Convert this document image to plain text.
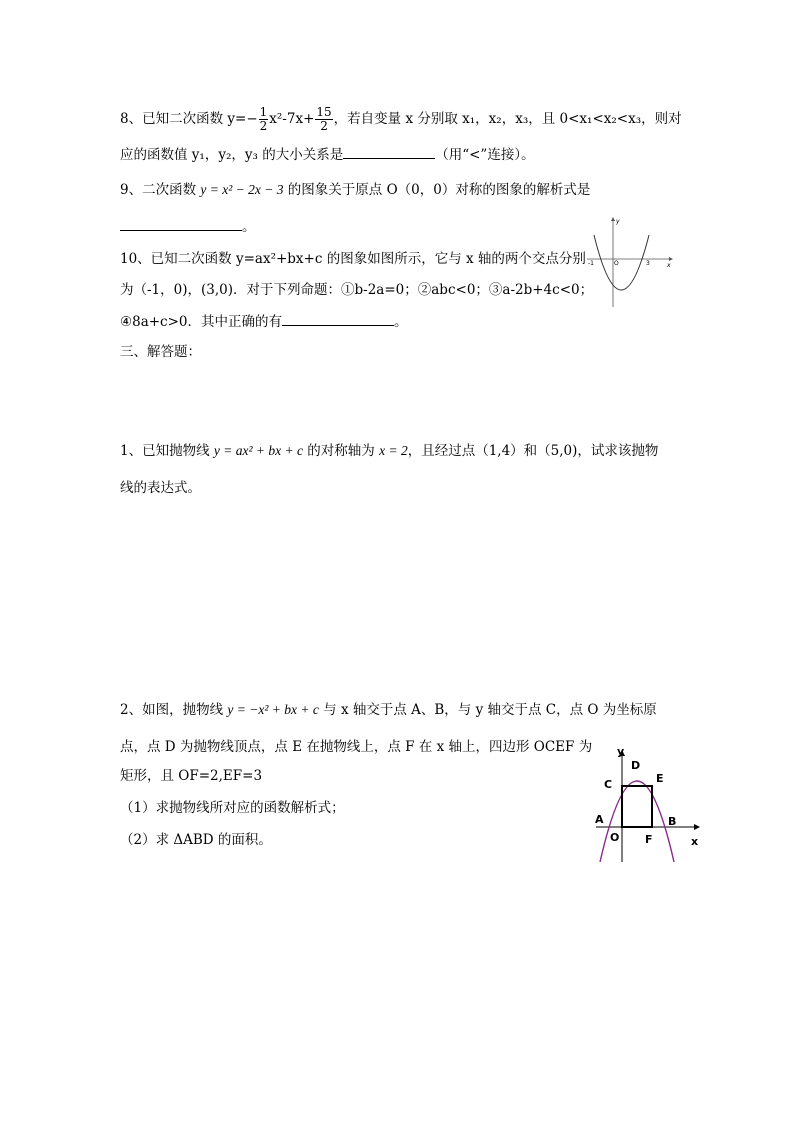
8、已知二次函数 $y=- \frac{1}{2} x^2-7x+ \frac{15}{2}$ ，若自变量 x 分别取 x₁，x₂，x₃，且 0<x₁<x₂<x₃，则对
应的函数值 y₁，y₂，y₃ 的大小关系是	（用“<”连接）。
9、二次函数 y = x² − 2x − 3 的图象关于原点 O（0，0）对称的图象的解析式是
。
10、已知二次函数 y=ax²+bx+c 的图象如图所示，它与 x 轴的两个交点分别
为（-1，0)，(3,0)．对于下列命题：①b-2a=0；②abc<0；③a-2b+4c<0；
④8a+c>0．其中正确的有	。
y
x
O
-1	3
三、解答题：
1、已知抛物线 y = ax² + bx + c 的对称轴为 x = 2，且经过点（1,4）和（5,0)，试求该抛物
线的表达式。
2、如图，抛物线 y = −x² + bx + c 与 x 轴交于点 A、B，与 y 轴交于点 C，点 O 为坐标原
点，点 D 为抛物线顶点，点 E 在抛物线上，点 F 在 x 轴上，四边形 OCEF 为
矩形，且 OF=2,EF=3
（1）求抛物线所对应的函数解析式；
（2）求 ΔABD 的面积。
y
x
D
C	E
A	B
O F
